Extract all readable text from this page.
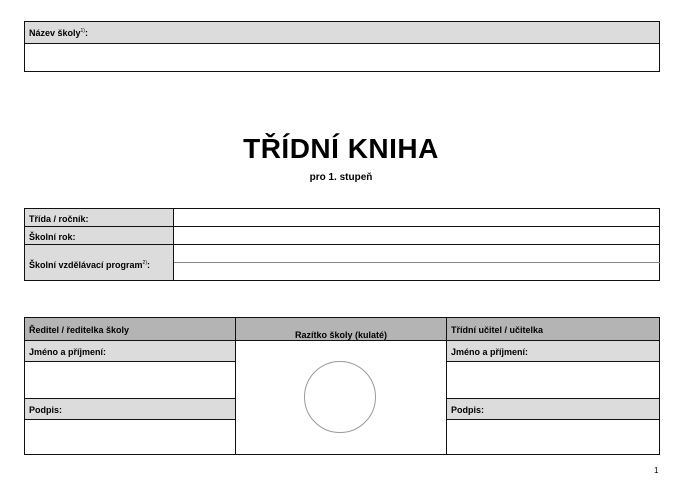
Název školy$^{1)}$:
TŘÍDNÍ KNIHA
pro 1. stupeň
Třída / ročník:
Školní rok:
Školní vzdělávací program$^{2)}$:
Ředitel / ředitelka školy
Jméno a příjmení:
Podpis:
Razítko školy (kulaté)	Třídní učitel / učitelka
Jméno a příjmení:
Podpis:
1
